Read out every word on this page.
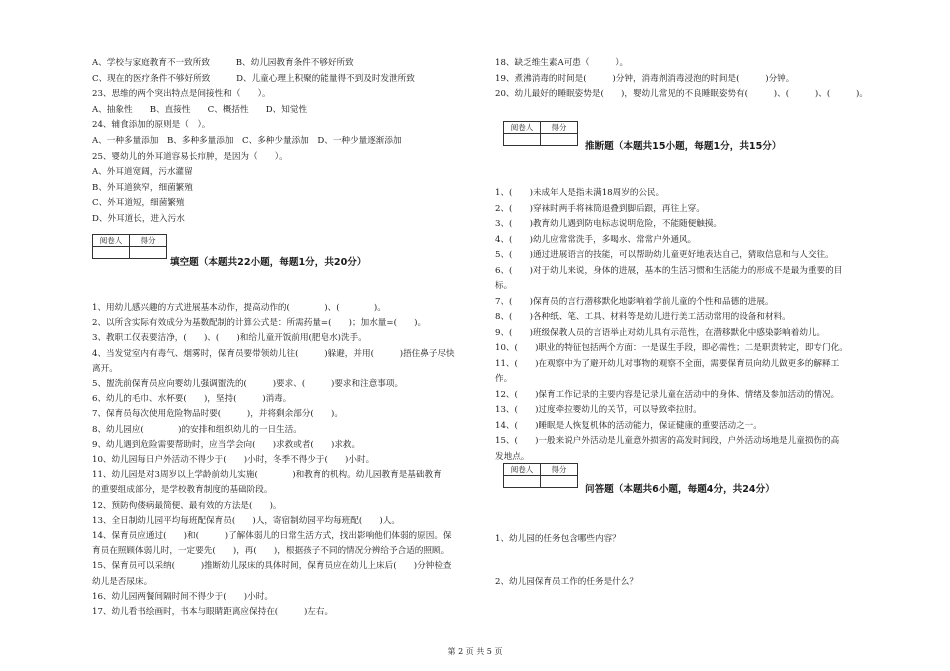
A、学校与家庭教育不一致所致　　　B、幼儿园教育条件不够好所致
C、现在的医疗条件不够好所致　　　D、儿童心理上积聚的能量得不到及时发泄所致
23、思维的两个突出特点是间接性和（　　）。
A、抽象性　　B、直接性　　C、概括性　　D、知觉性
24、辅食添加的原则是（　）。
A、一种多量添加　B、多种多量添加　C、多种少量添加　D、一种少量逐渐添加
25、婴幼儿的外耳道容易长疖肿，是因为（　　）。
A、外耳道宽阔，污水灌留
B、外耳道狭窄，细菌繁殖
C、外耳道短，细菌繁殖
D、外耳道长，进入污水
阅卷人	得分

填空题（本题共22小题，每题1分，共20分）
1、用幼儿感兴趣的方式进展基本动作，提高动作的(　　　　)、(　　　　)。
2、以所含实际有效成分为基数配制的计算公式是：所需药量=(　　)；加水量=(　　)。
3、教职工仅表要洁净，(　　)、(　　)和给儿童开饭前用(肥皂水)洗手。
4、当发觉室内有毒气、烟雾时，保育员要带领幼儿往(　　　)躲避，并用(　　　)捂住鼻子尽快
离开。
5、盥洗前保育员应向婴幼儿强调盥洗的(　　　)要求、(　　　)要求和注意事项。
6、幼儿的毛巾、水杯要(　　)，坚持(　　　)消毒。
7、保育员每次使用危险物品时要(　　　)，并将剩余部分(　　)。
8、幼儿园应(　　　　)的安排和组织幼儿的一日生活。
9、幼儿遇到危险需要帮助时，应当学会向(　　)求救或者(　　)求救。
10、幼儿园每日户外活动不得少于(　　)小时，冬季不得少于(　　)小时。
11、幼儿园是对3周岁以上学龄前幼儿实施(　　　　)和教育的机构。幼儿园教育是基础教育
的重要组成部分，是学校教育制度的基础阶段。
12、预防佝偻病最简便、最有效的方法是(　　)。
13、全日制幼儿园平均每班配保育员(　　)人，寄宿制幼园平均每班配(　　)人。
14、保育员应通过(　　)和(　　　)了解体弱儿的日常生活方式，找出影响他们体弱的原因。保
育员在照顾体弱儿时，一定要先(　　)，再(　　)，根据孩子不同的情况分辨给予合适的照顾。
15、保育员可以采纳(　　　)推断幼儿尿床的具体时间，保育员应在幼儿上床后(　　)分钟检查
幼儿是否尿床。
16、幼儿园两餐间隔时间不得少于(　　)小时。
17、幼儿看书绘画时，书本与眼睛距离应保持在(　　　)左右。
18、缺乏维生素A可患（　　　）。
19、煮沸消毒的时间是(　　　)分钟，消毒剂消毒浸泡的时间是(　　　)分钟。
20、幼儿最好的睡眠姿势是(　　)，婴幼儿常见的不良睡眠姿势有(　　　)、(　　　)、(　　　)。
阅卷人	得分

推断题（本题共15小题，每题1分，共15分）
1、(　　)未成年人是指未满18周岁的公民。
2、(　　)穿袜时两手将袜筒退叠到脚后跟，再往上穿。
3、(　　)教育幼儿遇到防电标志说明危险，不能随便触摸。
4、(　　)幼儿应常常洗手，多喝水、常常户外通风。
5、(　　)通过进展语言的技能，可以帮助幼儿童更好地表达自己，猜取信息和与人交往。
6、(　　)对于幼儿来说，身体的进展，基本的生活习惯和生活能力的形成不是最为重要的目
标。
7、(　　)保育员的言行潜移默化地影响着学前儿童的个性和品德的进展。
8、(　　)各种纸、笔、工具、材料等是幼儿进行美工活动常用的设备和材料。
9、(　　)班级保教人员的言语举止对幼儿具有示范性，在潜移默化中感染影响着幼儿。
10、(　　)职业的特征包括两个方面：一是谋生手段，即必需性；二是职责转定，即专门化。
11、(　　)在观察中为了避开幼儿对事物的观察不全面，需要保育员向幼儿做更多的解释工
作。
12、(　　)保育工作记录的主要内容是记录儿童在活动中的身体、情绪及参加活动的情况。
13、(　　)过度牵拉婴幼儿的关节，可以导致牵拉肘。
14、(　　)睡眠是人恢复机体的活动能力，保证健康的重要活动之一。
15、(　　)一般来说户外活动是儿童意外损害的高发时间段，户外活动场地是儿童损伤的高
发地点。
阅卷人	得分

问答题（本题共6小题，每题4分，共24分）
1、幼儿园的任务包含哪些内容？
2、幼儿园保育员工作的任务是什么？
第 2 页 共 5 页
